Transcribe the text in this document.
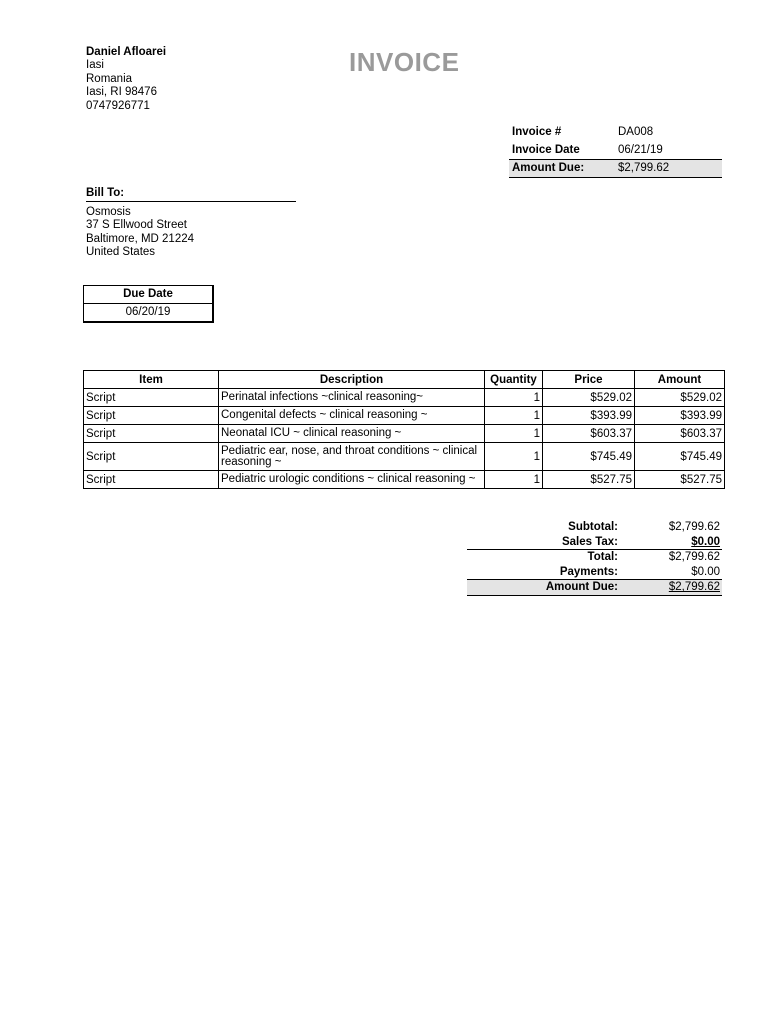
Daniel Afloarei
Iasi
Romania
Iasi, RI 98476
0747926771
INVOICE
Invoice #	DA008
Invoice Date	06/21/19
Amount Due:	$2,799.62
Bill To:
Osmosis
37 S Ellwood Street
Baltimore, MD 21224
United States
Due Date
06/20/19
Item	Description	Quantity	Price	Amount
Script	Perinatal infections ~clinical reasoning~	1	$529.02	$529.02
Script	Congenital defects ~ clinical reasoning ~	1	$393.99	$393.99
Script	Neonatal ICU ~ clinical reasoning ~	1	$603.37	$603.37
Script	Pediatric ear, nose, and throat conditions ~ clinical reasoning ~	1	$745.49	$745.49
Script	Pediatric urologic conditions ~ clinical reasoning ~	1	$527.75	$527.75
Subtotal:	$2,799.62
Sales Tax:	$0.00
Total:	$2,799.62
Payments:	$0.00
Amount Due:	$2,799.62
